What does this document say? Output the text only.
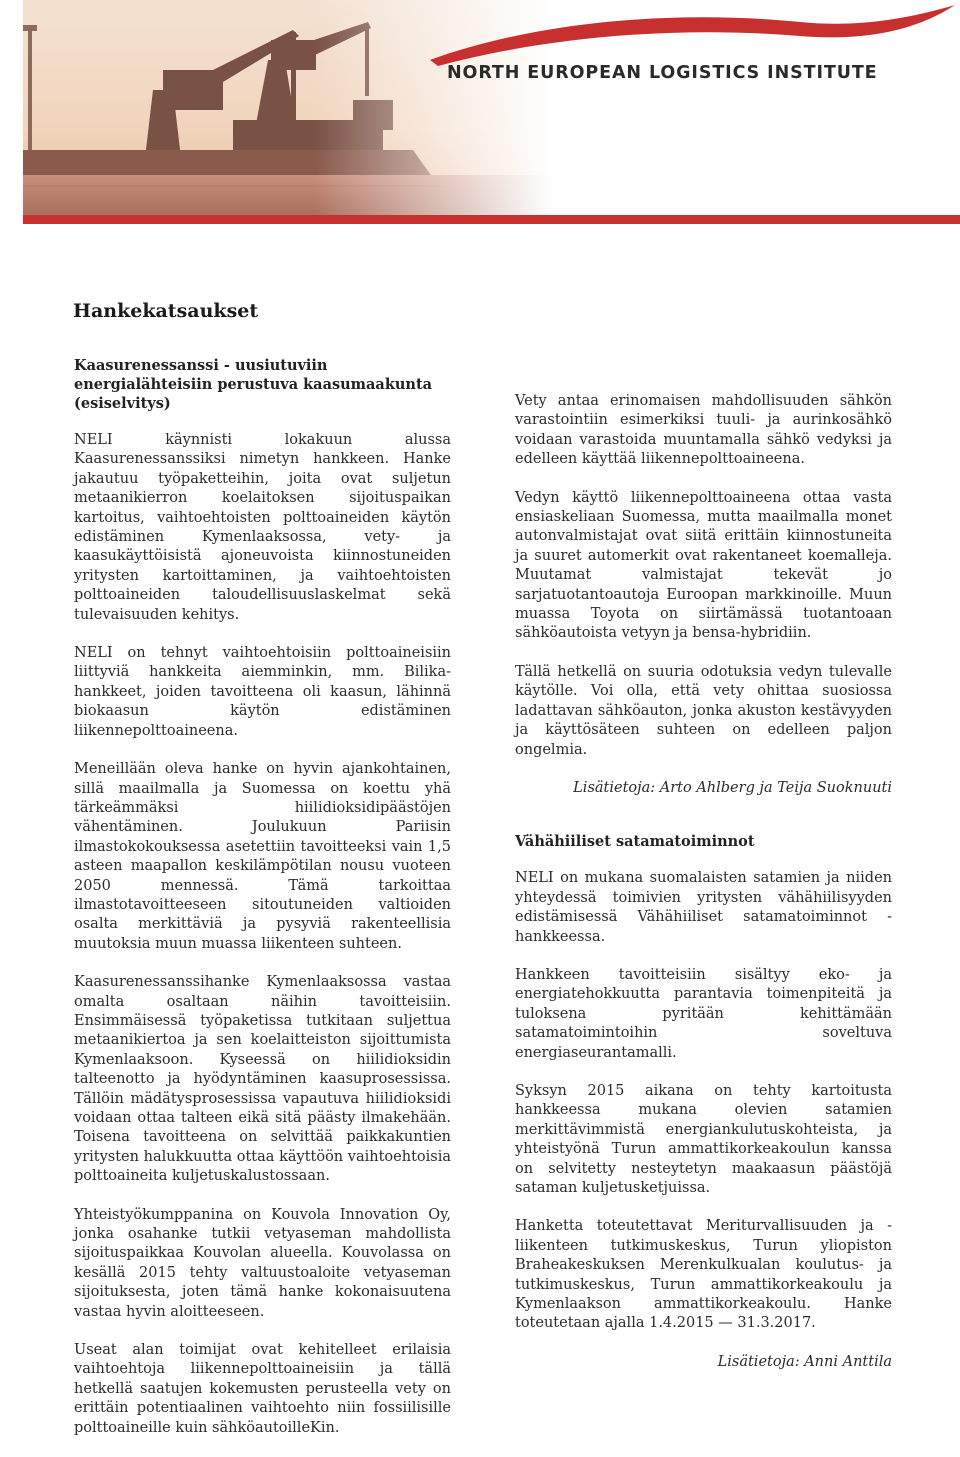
NORTH EUROPEAN LOGISTICS INSTITUTE
Hankekatsaukset
Kaasurenessanssi - uusiutuviin energialähteisiin perustuva kaasumaakunta (esiselvitys)

NELI käynnisti lokakuun alussa Kaasurenessanssiksi nimetyn hankkeen. Hanke jakautuu työpaketteihin, joita ovat suljetun metaanikierron koelaitoksen sijoituspaikan kartoitus, vaihtoehtoisten polttoaineiden käytön edistäminen Kymenlaaksossa, vety- ja kaasukäyttöisistä ajoneuvoista kiinnostuneiden yritysten kartoittaminen, ja vaihtoehtoisten polttoaineiden taloudellisuuslaskelmat sekä tulevaisuuden kehitys.

NELI on tehnyt vaihtoehtoisiin polttoaineisiin liittyviä hankkeita aiemminkin, mm. Bilika-hankkeet, joiden tavoitteena oli kaasun, lähinnä biokaasun käytön edistäminen liikennepolttoaineena.

Meneillään oleva hanke on hyvin ajankohtainen, sillä maailmalla ja Suomessa on koettu yhä tärkeämmäksi hiilidioksidipäästöjen vähentäminen. Joulukuun Pariisin ilmastokokouksessa asetettiin tavoitteeksi vain 1,5 asteen maapallon keskilämpötilan nousu vuoteen 2050 mennessä. Tämä tarkoittaa ilmastotavoitteeseen sitoutuneiden valtioiden osalta merkittäviä ja pysyviä rakenteellisia muutoksia muun muassa liikenteen suhteen.

Kaasurenessanssihanke Kymenlaaksossa vastaa omalta osaltaan näihin tavoitteisiin. Ensimmäisessä työpaketissa tutkitaan suljettua metaanikiertoa ja sen koelaitteiston sijoittumista Kymenlaaksoon. Kyseessä on hiilidioksidin talteenotto ja hyödyntäminen kaasuprosessissa. Tällöin mädätysprosessissa vapautuva hiilidioksidi voidaan ottaa talteen eikä sitä päästy ilmakehään. Toisena tavoitteena on selvittää paikkakuntien yritysten halukkuutta ottaa käyttöön vaihtoehtoisia polttoaineita kuljetuskalustossaan.

Yhteistyökumppanina on Kouvola Innovation Oy, jonka osahanke tutkii vetyaseman mahdollista sijoituspaikkaa Kouvolan alueella. Kouvolassa on kesällä 2015 tehty valtuustoaloite vetyaseman sijoituksesta, joten tämä hanke kokonaisuutena vastaa hyvin aloitteeseen.

Useat alan toimijat ovat kehitelleet erilaisia vaihtoehtoja liikennepolttoaineisiin ja tällä hetkellä saatujen kokemusten perusteella vety on erittäin potentiaalinen vaihtoehto niin fossiilisille polttoaineille kuin sähköautoilleKin.

Vety antaa erinomaisen mahdollisuuden sähkön varastointiin esimerkiksi tuuli- ja aurinkosähkö voidaan varastoida muuntamalla sähkö vedyksi ja edelleen käyttää liikennepolttoaineena.

Vedyn käyttö liikennepolttoaineena ottaa vasta ensiaskeliaan Suomessa, mutta maailmalla monet autonvalmistajat ovat siitä erittäin kiinnostuneita ja suuret automerkit ovat rakentaneet koemalleja. Muutamat valmistajat tekevät jo sarjatuotantoautoja Euroopan markkinoille. Muun muassa Toyota on siirtämässä tuotantoaan sähköautoista vetyyn ja bensa-hybridiin.

Tällä hetkellä on suuria odotuksia vedyn tulevalle käytölle. Voi olla, että vety ohittaa suosiossa ladattavan sähköauton, jonka akuston kestävyyden ja käyttösäteen suhteen on edelleen paljon ongelmia.

Lisätietoja: Arto Ahlberg ja Teija Suoknuuti

Vähähiiliset satamatoiminnot

NELI on mukana suomalaisten satamien ja niiden yhteydessä toimivien yritysten vähähiilisyyden edistämisessä Vähähiiliset satamatoiminnot -hankkeessa.

Hankkeen tavoitteisiin sisältyy eko- ja energiatehokkuutta parantavia toimenpiteitä ja tuloksena pyritään kehittämään satamatoimintoihin soveltuva energiaseurantamalli.

Syksyn 2015 aikana on tehty kartoitusta hankkeessa mukana olevien satamien merkittävimmistä energiankulutuskohteista, ja yhteistyönä Turun ammattikorkeakoulun kanssa on selvitetty nesteytetyn maakaasun päästöjä sataman kuljetusketjuissa.

Hanketta toteutettavat Meriturvallisuuden ja -liikenteen tutkimuskeskus, Turun yliopiston Braheakeskuksen Merenkulkualan koulutus- ja tutkimuskeskus, Turun ammattikorkeakoulu ja Kymenlaakson ammattikorkeakoulu. Hanke toteutetaan ajalla 1.4.2015 — 31.3.2017.

Lisätietoja: Anni Anttila
